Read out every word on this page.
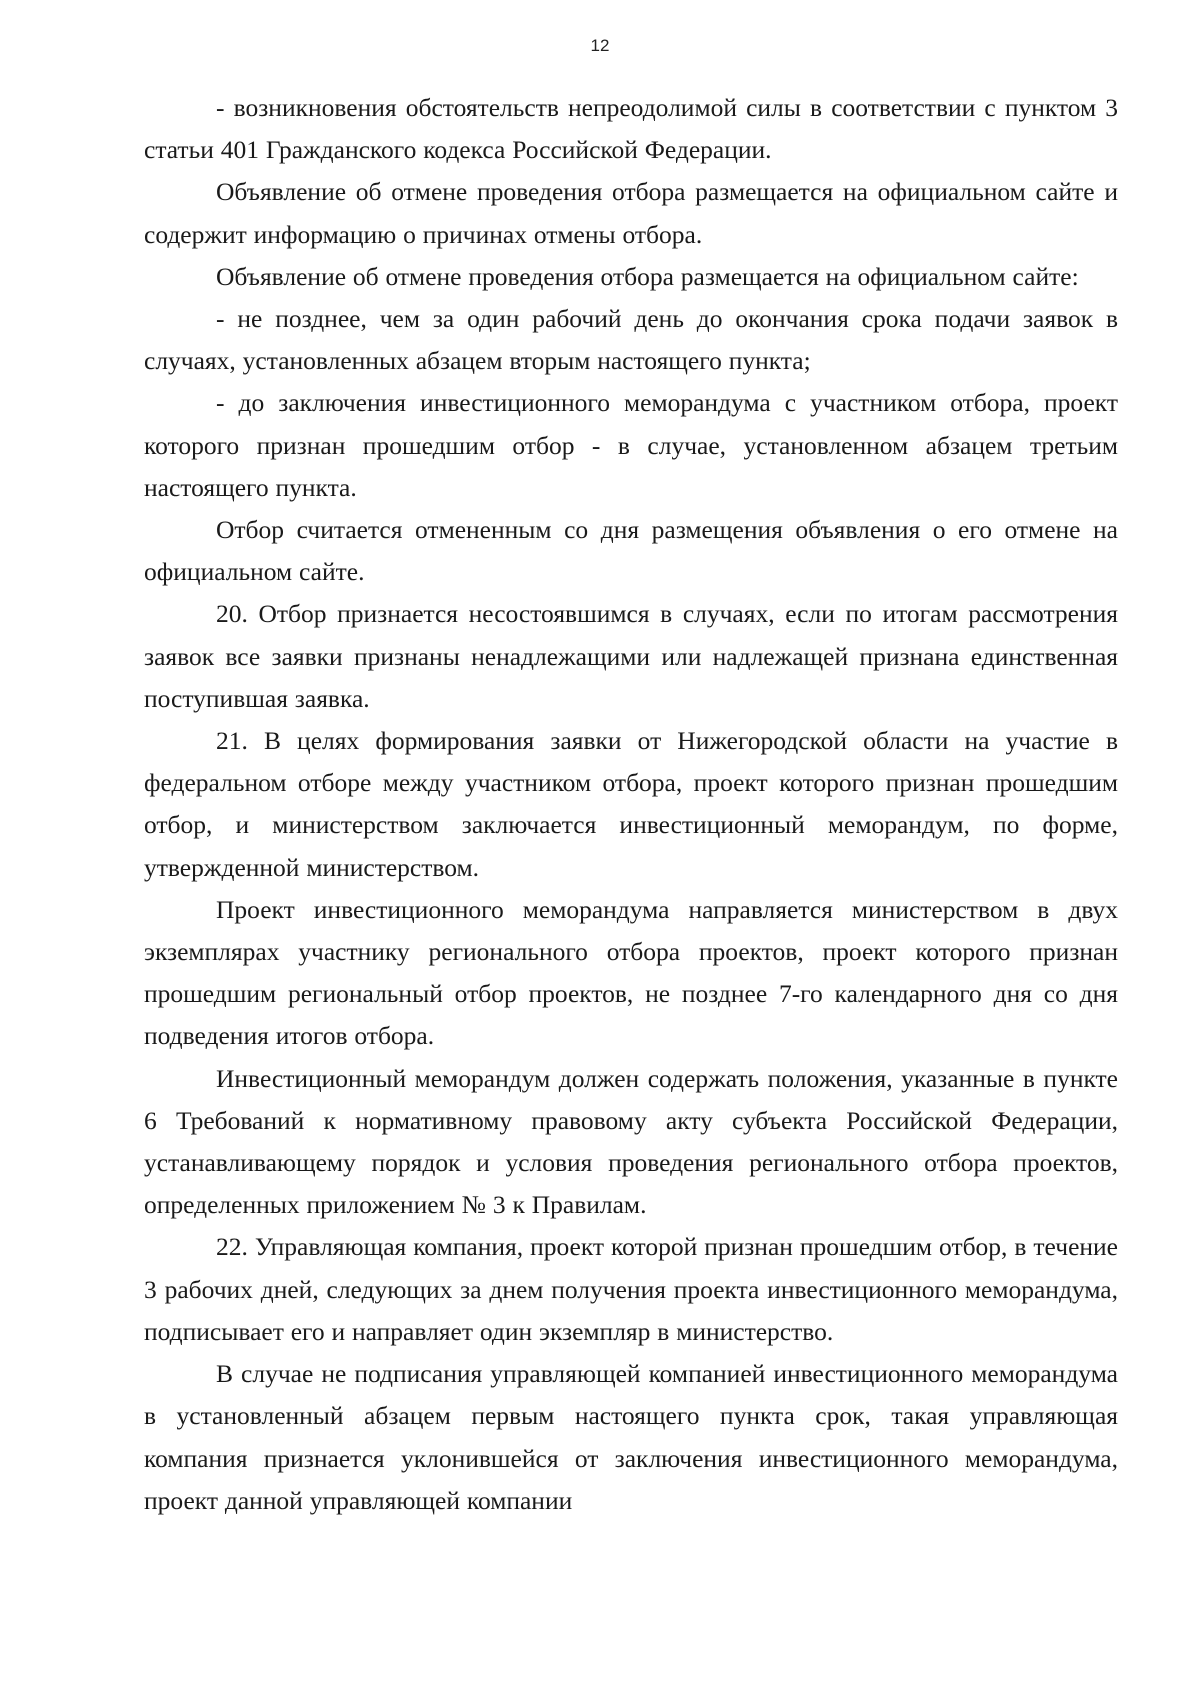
12

- возникновения обстоятельств непреодолимой силы в соответствии с пунктом 3 статьи 401 Гражданского кодекса Российской Федерации.

Объявление об отмене проведения отбора размещается на официальном сайте и содержит информацию о причинах отмены отбора.

Объявление об отмене проведения отбора размещается на официальном сайте:

- не позднее, чем за один рабочий день до окончания срока подачи заявок в случаях, установленных абзацем вторым настоящего пункта;

- до заключения инвестиционного меморандума с участником отбора, проект которого признан прошедшим отбор - в случае, установленном абзацем третьим настоящего пункта.

Отбор считается отмененным со дня размещения объявления о его отмене на официальном сайте.

20. Отбор признается несостоявшимся в случаях, если по итогам рассмотрения заявок все заявки признаны ненадлежащими или надлежащей признана единственная поступившая заявка.

21. В целях формирования заявки от Нижегородской области на участие в федеральном отборе между участником отбора, проект которого признан прошедшим отбор, и министерством заключается инвестиционный меморандум, по форме, утвержденной министерством.

Проект инвестиционного меморандума направляется министерством в двух экземплярах участнику регионального отбора проектов, проект которого признан прошедшим региональный отбор проектов, не позднее 7-го календарного дня со дня подведения итогов отбора.

Инвестиционный меморандум должен содержать положения, указанные в пункте 6 Требований к нормативному правовому акту субъекта Российской Федерации, устанавливающему порядок и условия проведения регионального отбора проектов, определенных приложением № 3 к Правилам.

22. Управляющая компания, проект которой признан прошедшим отбор, в течение 3 рабочих дней, следующих за днем получения проекта инвестиционного меморандума, подписывает его и направляет один экземпляр в министерство.

В случае не подписания управляющей компанией инвестиционного меморандума в установленный абзацем первым настоящего пункта срок, такая управляющая компания признается уклонившейся от заключения инвестиционного меморандума, проект данной управляющей компании
